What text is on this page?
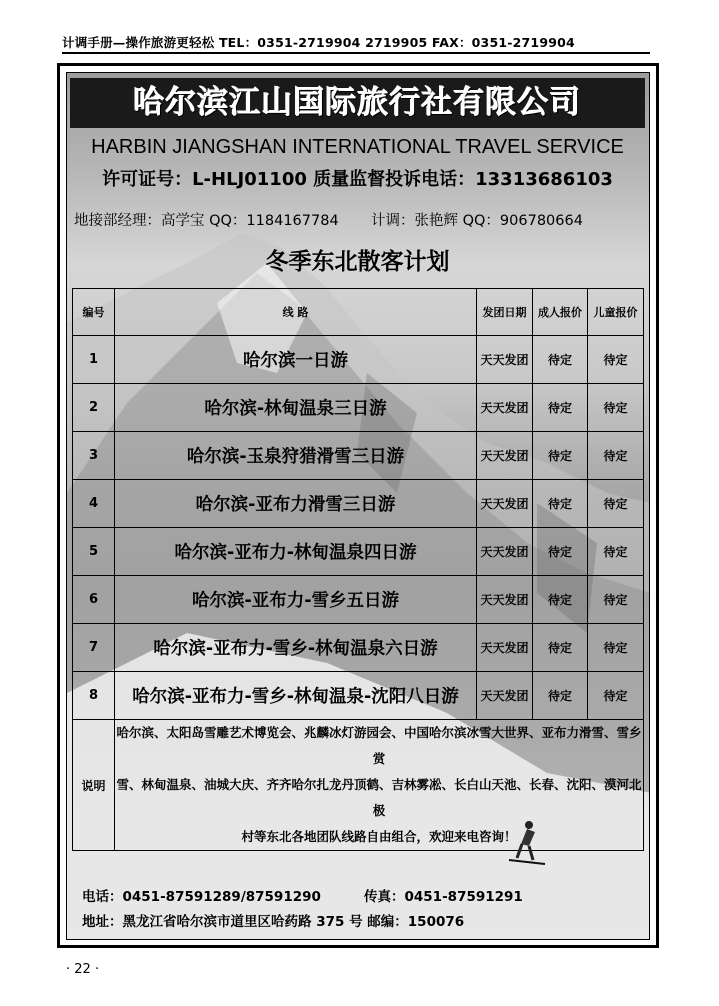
计调手册—操作旅游更轻松 TEL：0351-2719904 2719905 FAX：0351-2719904
哈尔滨江山国际旅行社有限公司
HARBIN JIANGSHAN INTERNATIONAL TRAVEL SERVICE
许可证号：L-HLJ01100 质量监督投诉电话：13313686103
地接部经理：高学宝 QQ：1184167784 计调：张艳辉 QQ：906780664
冬季东北散客计划
编号	线 路	发团日期	成人报价	儿童报价
1	哈尔滨一日游	天天发团	待定	待定
2	哈尔滨-林甸温泉三日游	天天发团	待定	待定
3	哈尔滨-玉泉狩猎滑雪三日游	天天发团	待定	待定
4	哈尔滨-亚布力滑雪三日游	天天发团	待定	待定
5	哈尔滨-亚布力-林甸温泉四日游	天天发团	待定	待定
6	哈尔滨-亚布力-雪乡五日游	天天发团	待定	待定
7	哈尔滨-亚布力-雪乡-林甸温泉六日游	天天发团	待定	待定
8	哈尔滨-亚布力-雪乡-林甸温泉-沈阳八日游	天天发团	待定	待定
说明	哈尔滨、太阳岛雪雕艺术博览会、兆麟冰灯游园会、中国哈尔滨冰雪大世界、亚布力滑雪、雪乡赏
雪、林甸温泉、油城大庆、齐齐哈尔扎龙丹顶鹤、吉林雾凇、长白山天池、长春、沈阳、漠河北极
村等东北各地团队线路自由组合，欢迎来电咨询！			
电话：0451-87591289/87591290	传真：0451-87591291
地址：黑龙江省哈尔滨市道里区哈药路 375 号 邮编：150076
· 22 ·
